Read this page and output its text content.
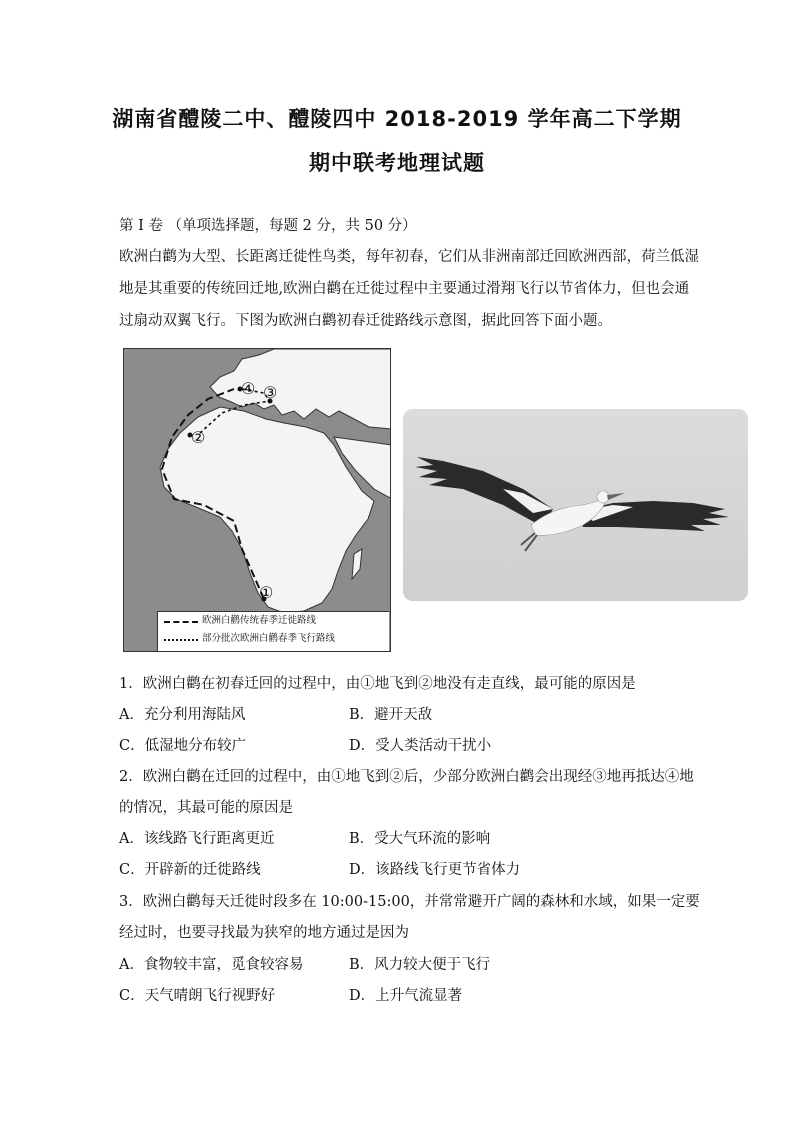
湖南省醴陵二中、醴陵四中 2018-2019 学年高二下学期
期中联考地理试题
第 I 卷 （单项选择题，每题 2 分，共 50 分）
欧洲白鹳为大型、长距离迁徙性鸟类，每年初春，它们从非洲南部迁回欧洲西部，荷兰低湿
地是其重要的传统回迁地,欧洲白鹳在迁徙过程中主要通过滑翔飞行以节省体力，但也会通
过扇动双翼飞行。下图为欧洲白鹳初春迁徙路线示意图，据此回答下面小题。
①
②
③
④
欧洲白鹳传统春季迁徙路线
部分批次欧洲白鹳春季飞行路线
1．欧洲白鹳在初春迁回的过程中，由①地飞到②地没有走直线，最可能的原因是
A．充分利用海陆风	B．避开天敌
C．低湿地分布较广	D．受人类活动干扰小
2．欧洲白鹳在迁回的过程中，由①地飞到②后，少部分欧洲白鹳会出现经③地再抵达④地
的情况，其最可能的原因是
A．该线路飞行距离更近	B．受大气环流的影响
C．开辟新的迁徙路线	D．该路线飞行更节省体力
3．欧洲白鹳每天迁徙时段多在 10:00-15:00，并常常避开广阔的森林和水域，如果一定要
经过时，也要寻找最为狭窄的地方通过是因为
A．食物较丰富，觅食较容易	B．风力较大便于飞行
C．天气晴朗飞行视野好	D．上升气流显著
